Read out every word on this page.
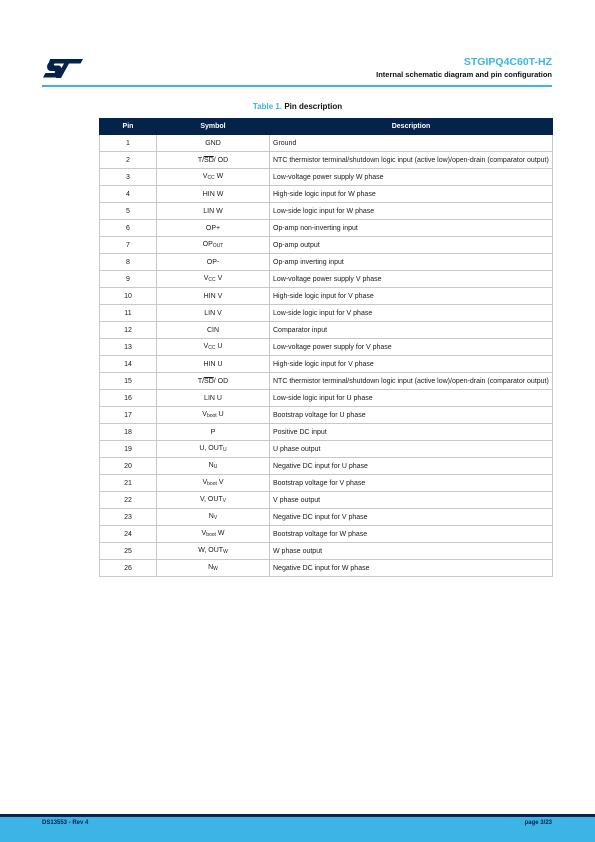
STGIPQ4C60T-HZ
Internal schematic diagram and pin configuration
Table 1. Pin description
Pin	Symbol	Description
1	GND	Ground
2	$T/\overline{SD}/$ OD	NTC thermistor terminal/shutdown logic input (active low)/open-drain (comparator output)
3	$V_{CC}$ W	Low-voltage power supply W phase
4	HIN W	High-side logic input for W phase
5	LIN W	Low-side logic input for W phase
6	OP+	Op-amp non-inverting input
7	$OP_{OUT}$	Op-amp output
8	OP-	Op-amp inverting input
9	$V_{CC}$ V	Low-voltage power supply V phase
10	HIN V	High-side logic input for V phase
11	LIN V	Low-side logic input for V phase
12	CIN	Comparator input
13	$V_{CC}$ U	Low-voltage power supply for V phase
14	HIN U	High-side logic input for V phase
15	$T/\overline{SD}/$ OD	NTC thermistor terminal/shutdown logic input (active low)/open-drain (comparator output)
16	LIN U	Low-side logic input for U phase
17	$V_{boot}$ U	Bootstrap voltage for U phase
18	P	Positive DC input
19	U, $OUT_U$	U phase output
20	$N_U$	Negative DC input for U phase
21	$V_{boot}$ V	Bootstrap voltage for V phase
22	V, $OUT_V$	V phase output
23	$N_V$	Negative DC input for V phase
24	$V_{boot}$ W	Bootstrap voltage for W phase
25	W, $OUT_W$	W phase output
26	$N_W$	Negative DC input for W phase
DS13553 - Rev 4	page 3/23
